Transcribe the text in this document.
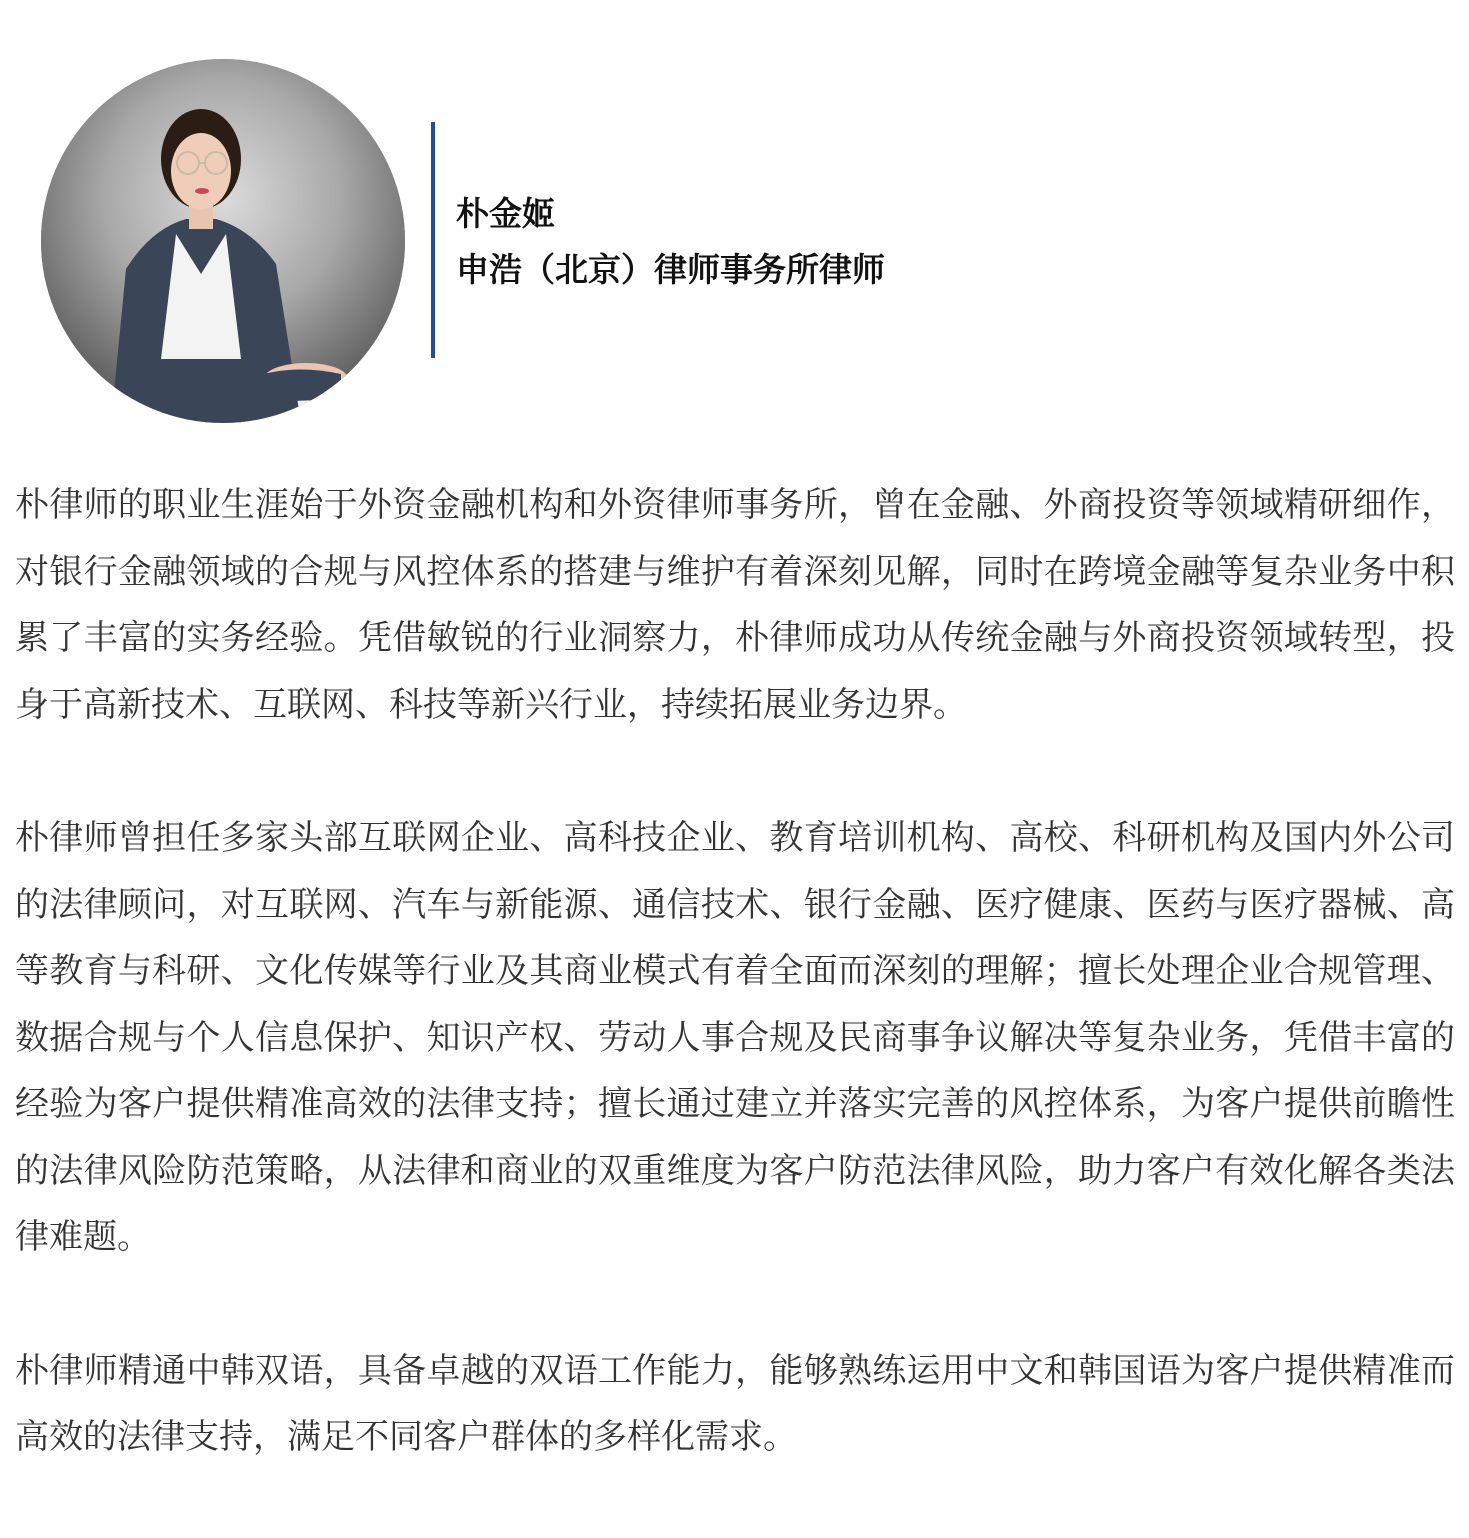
朴金姬
申浩（北京）律师事务所律师

朴律师的职业生涯始于外资金融机构和外资律师事务所，曾在金融、外商投资等领域精研细作，对银行金融领域的合规与风控体系的搭建与维护有着深刻见解，同时在跨境金融等复杂业务中积累了丰富的实务经验。凭借敏锐的行业洞察力，朴律师成功从传统金融与外商投资领域转型，投身于高新技术、互联网、科技等新兴行业，持续拓展业务边界。

朴律师曾担任多家头部互联网企业、高科技企业、教育培训机构、高校、科研机构及国内外公司的法律顾问，对互联网、汽车与新能源、通信技术、银行金融、医疗健康、医药与医疗器械、高等教育与科研、文化传媒等行业及其商业模式有着全面而深刻的理解；擅长处理企业合规管理、数据合规与个人信息保护、知识产权、劳动人事合规及民商事争议解决等复杂业务，凭借丰富的经验为客户提供精准高效的法律支持；擅长通过建立并落实完善的风控体系，为客户提供前瞻性的法律风险防范策略，从法律和商业的双重维度为客户防范法律风险，助力客户有效化解各类法律难题。

朴律师精通中韩双语，具备卓越的双语工作能力，能够熟练运用中文和韩国语为客户提供精准而高效的法律支持，满足不同客户群体的多样化需求。
